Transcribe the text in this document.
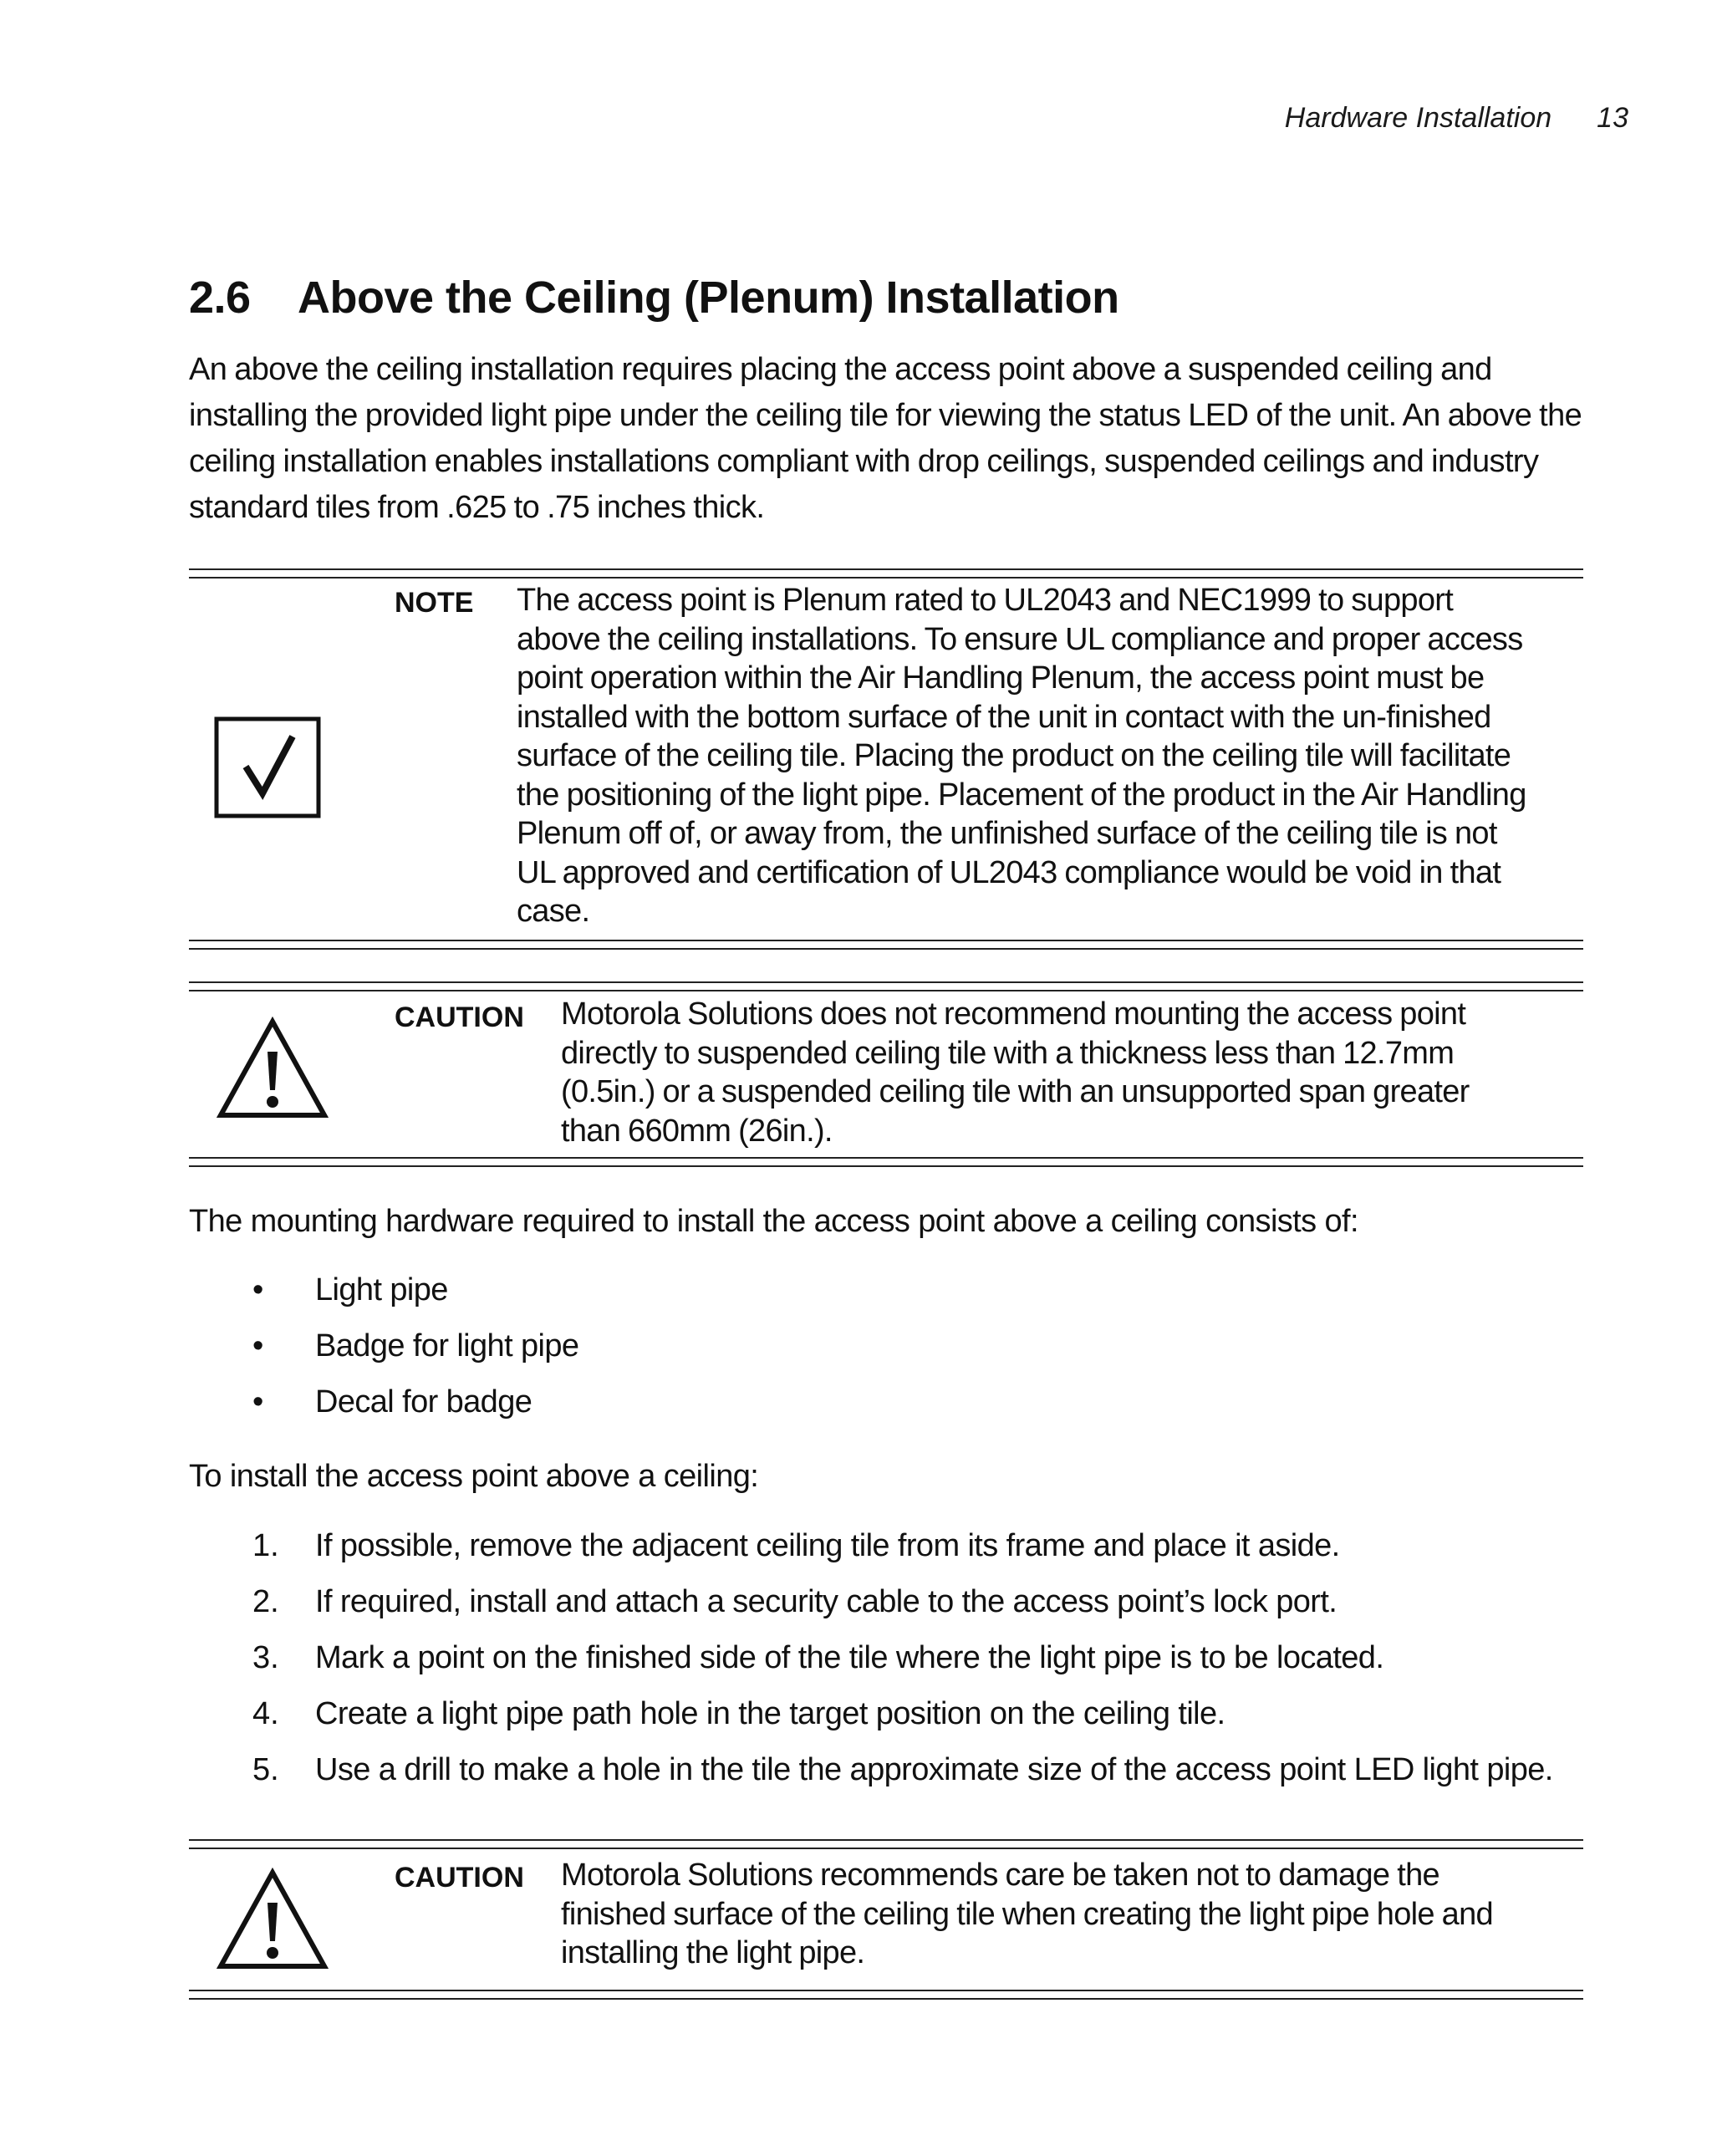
Hardware Installation 13
2.6 Above the Ceiling (Plenum) Installation
An above the ceiling installation requires placing the access point above a suspended ceiling and installing the provided light pipe under the ceiling tile for viewing the status LED of the unit. An above the ceiling installation enables installations compliant with drop ceilings, suspended ceilings and industry standard tiles from .625 to .75 inches thick.
NOTE The access point is Plenum rated to UL2043 and NEC1999 to support above the ceiling installations. To ensure UL compliance and proper access point operation within the Air Handling Plenum, the access point must be installed with the bottom surface of the unit in contact with the un-finished surface of the ceiling tile. Placing the product on the ceiling tile will facilitate the positioning of the light pipe. Placement of the product in the Air Handling Plenum off of, or away from, the unfinished surface of the ceiling tile is not UL approved and certification of UL2043 compliance would be void in that case.
CAUTION Motorola Solutions does not recommend mounting the access point directly to suspended ceiling tile with a thickness less than 12.7mm (0.5in.) or a suspended ceiling tile with an unsupported span greater than 660mm (26in.).
The mounting hardware required to install the access point above a ceiling consists of:
• Light pipe
• Badge for light pipe
• Decal for badge
To install the access point above a ceiling:
1. If possible, remove the adjacent ceiling tile from its frame and place it aside.
2. If required, install and attach a security cable to the access point’s lock port.
3. Mark a point on the finished side of the tile where the light pipe is to be located.
4. Create a light pipe path hole in the target position on the ceiling tile.
5. Use a drill to make a hole in the tile the approximate size of the access point LED light pipe.
CAUTION Motorola Solutions recommends care be taken not to damage the finished surface of the ceiling tile when creating the light pipe hole and installing the light pipe.
